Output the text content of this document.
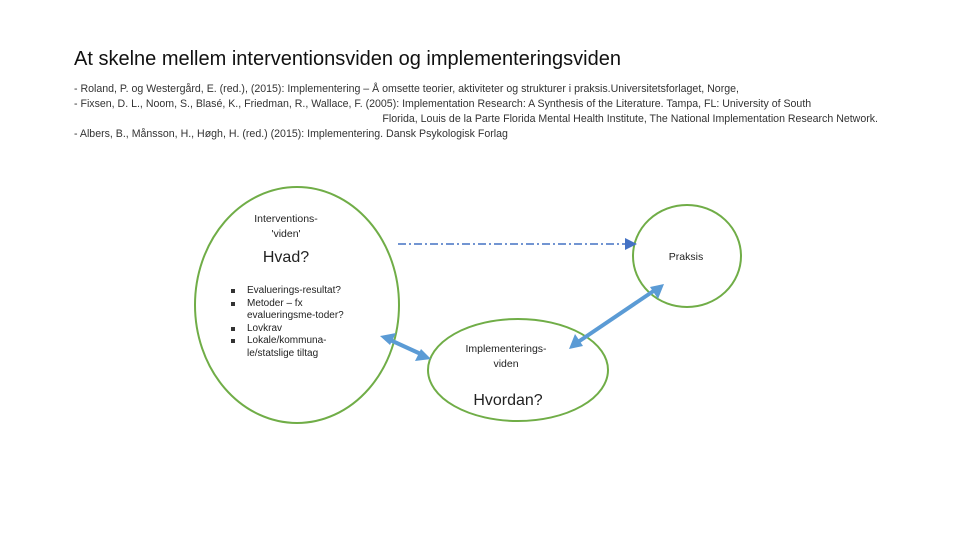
At skelne mellem interventionsviden og implementeringsviden
- Roland, P. og Westergård, E. (red.), (2015): Implementering – Å omsette teorier, aktiviteter og strukturer i praksis.Universitetsforlaget, Norge,
- Fixsen, D. L., Noom, S., Blasé, K., Friedman, R., Wallace, F. (2005): Implementation Research: A Synthesis of the Literature. Tampa, FL: University of South
Florida, Louis de la Parte Florida Mental Health Institute, The National Implementation Research Network.
- Albers, B., Månsson, H., Høgh, H. (red.) (2015): Implementering. Dansk Psykologisk Forlag
Interventions-
'viden'
Hvad?
Evaluerings-resultat?
Metoder – fx evalueringsme-toder?
Lovkrav
Lokale/kommuna-le/statslige tiltag
Praksis
Implementerings-
viden
Hvordan?
